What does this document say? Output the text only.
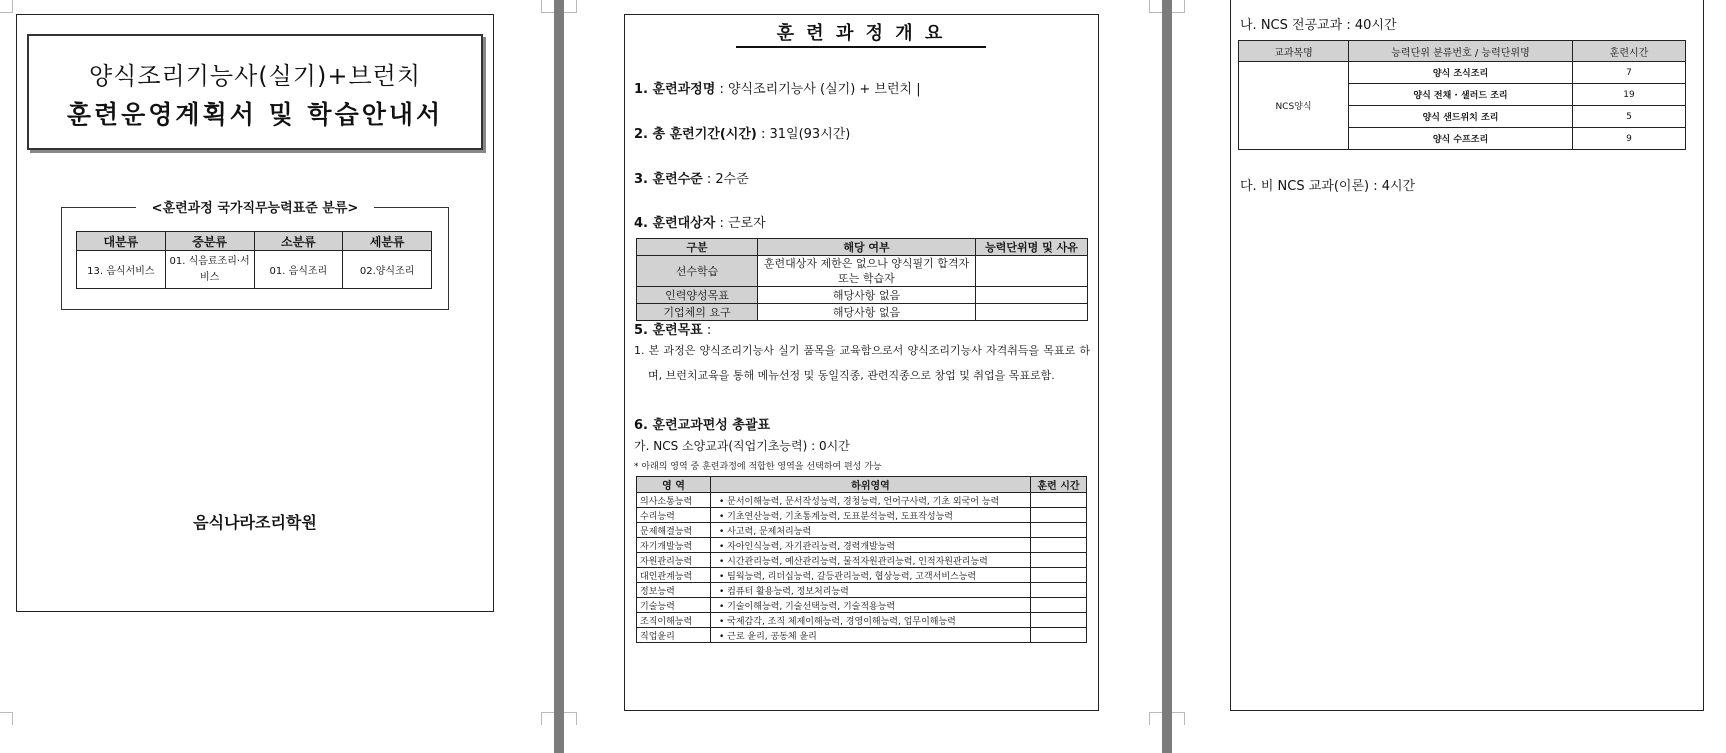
양식조리기능사(실기)+브런치
훈련운영계획서 및 학습안내서
<훈련과정 국가직무능력표준 분류>
대분류	중분류	소분류	세분류
13. 음식서비스	01. 식음료조리·서비스	01. 음식조리	02.양식조리
음식나라조리학원
훈 련 과 정 개 요
1. 훈련과정명 : 양식조리기능사 (실기) + 브런치 |
2. 총 훈련기간(시간) : 31일(93시간)
3. 훈련수준 : 2수준
4. 훈련대상자 : 근로자
구분	해당 여부	능력단위명 및 사유
선수학습	훈련대상자 제한은 없으나 양식필기 합격자 또는 학습자	
인력양성목표	해당사항 없음	
기업체의 요구	해당사항 없음	
5. 훈련목표 :
1. 본 과정은 양식조리기능사 실기 품목을 교육함으로서 양식조리기능사 자격취득을 목표로 하며, 브런치교육을 통해 메뉴선정 및 동일직종, 관련직종으로 창업 및 취업을 목표로함.
6. 훈련교과편성 총괄표
가. NCS 소양교과(직업기초능력) : 0시간
* 아래의 영역 중 훈련과정에 적합한 영역을 선택하여 편성 가능
영 역	하위영역	훈련 시간
의사소통능력	• 문서이해능력, 문서작성능력, 경청능력, 언어구사력, 기초 외국어 능력	
수리능력	• 기초연산능력, 기초통계능력, 도표분석능력, 도표작성능력	
문제해결능력	• 사고력, 문제처리능력	
자기개발능력	• 자아인식능력, 자기관리능력, 경력개발능력	
자원관리능력	• 시간관리능력, 예산관리능력, 물적자원관리능력, 인적자원관리능력	
대인관계능력	• 팀웍능력, 리더십능력, 갈등관리능력, 협상능력, 고객서비스능력	
정보능력	• 컴퓨터 활용능력, 정보처리능력	
기술능력	• 기술이해능력, 기술선택능력, 기술적용능력	
조직이해능력	• 국제감각, 조직 체제이해능력, 경영이해능력, 업무이해능력	
직업윤리	• 근로 윤리, 공동체 윤리	
나. NCS 전공교과 : 40시간
교과목명	능력단위 분류번호 / 능력단위명	훈련시간
NCS양식	양식 조식조리	7
	양식 전채 · 샐러드 조리	19
	양식 샌드위치 조리	5
	양식 수프조리	9
다. 비 NCS 교과(이론) : 4시간
